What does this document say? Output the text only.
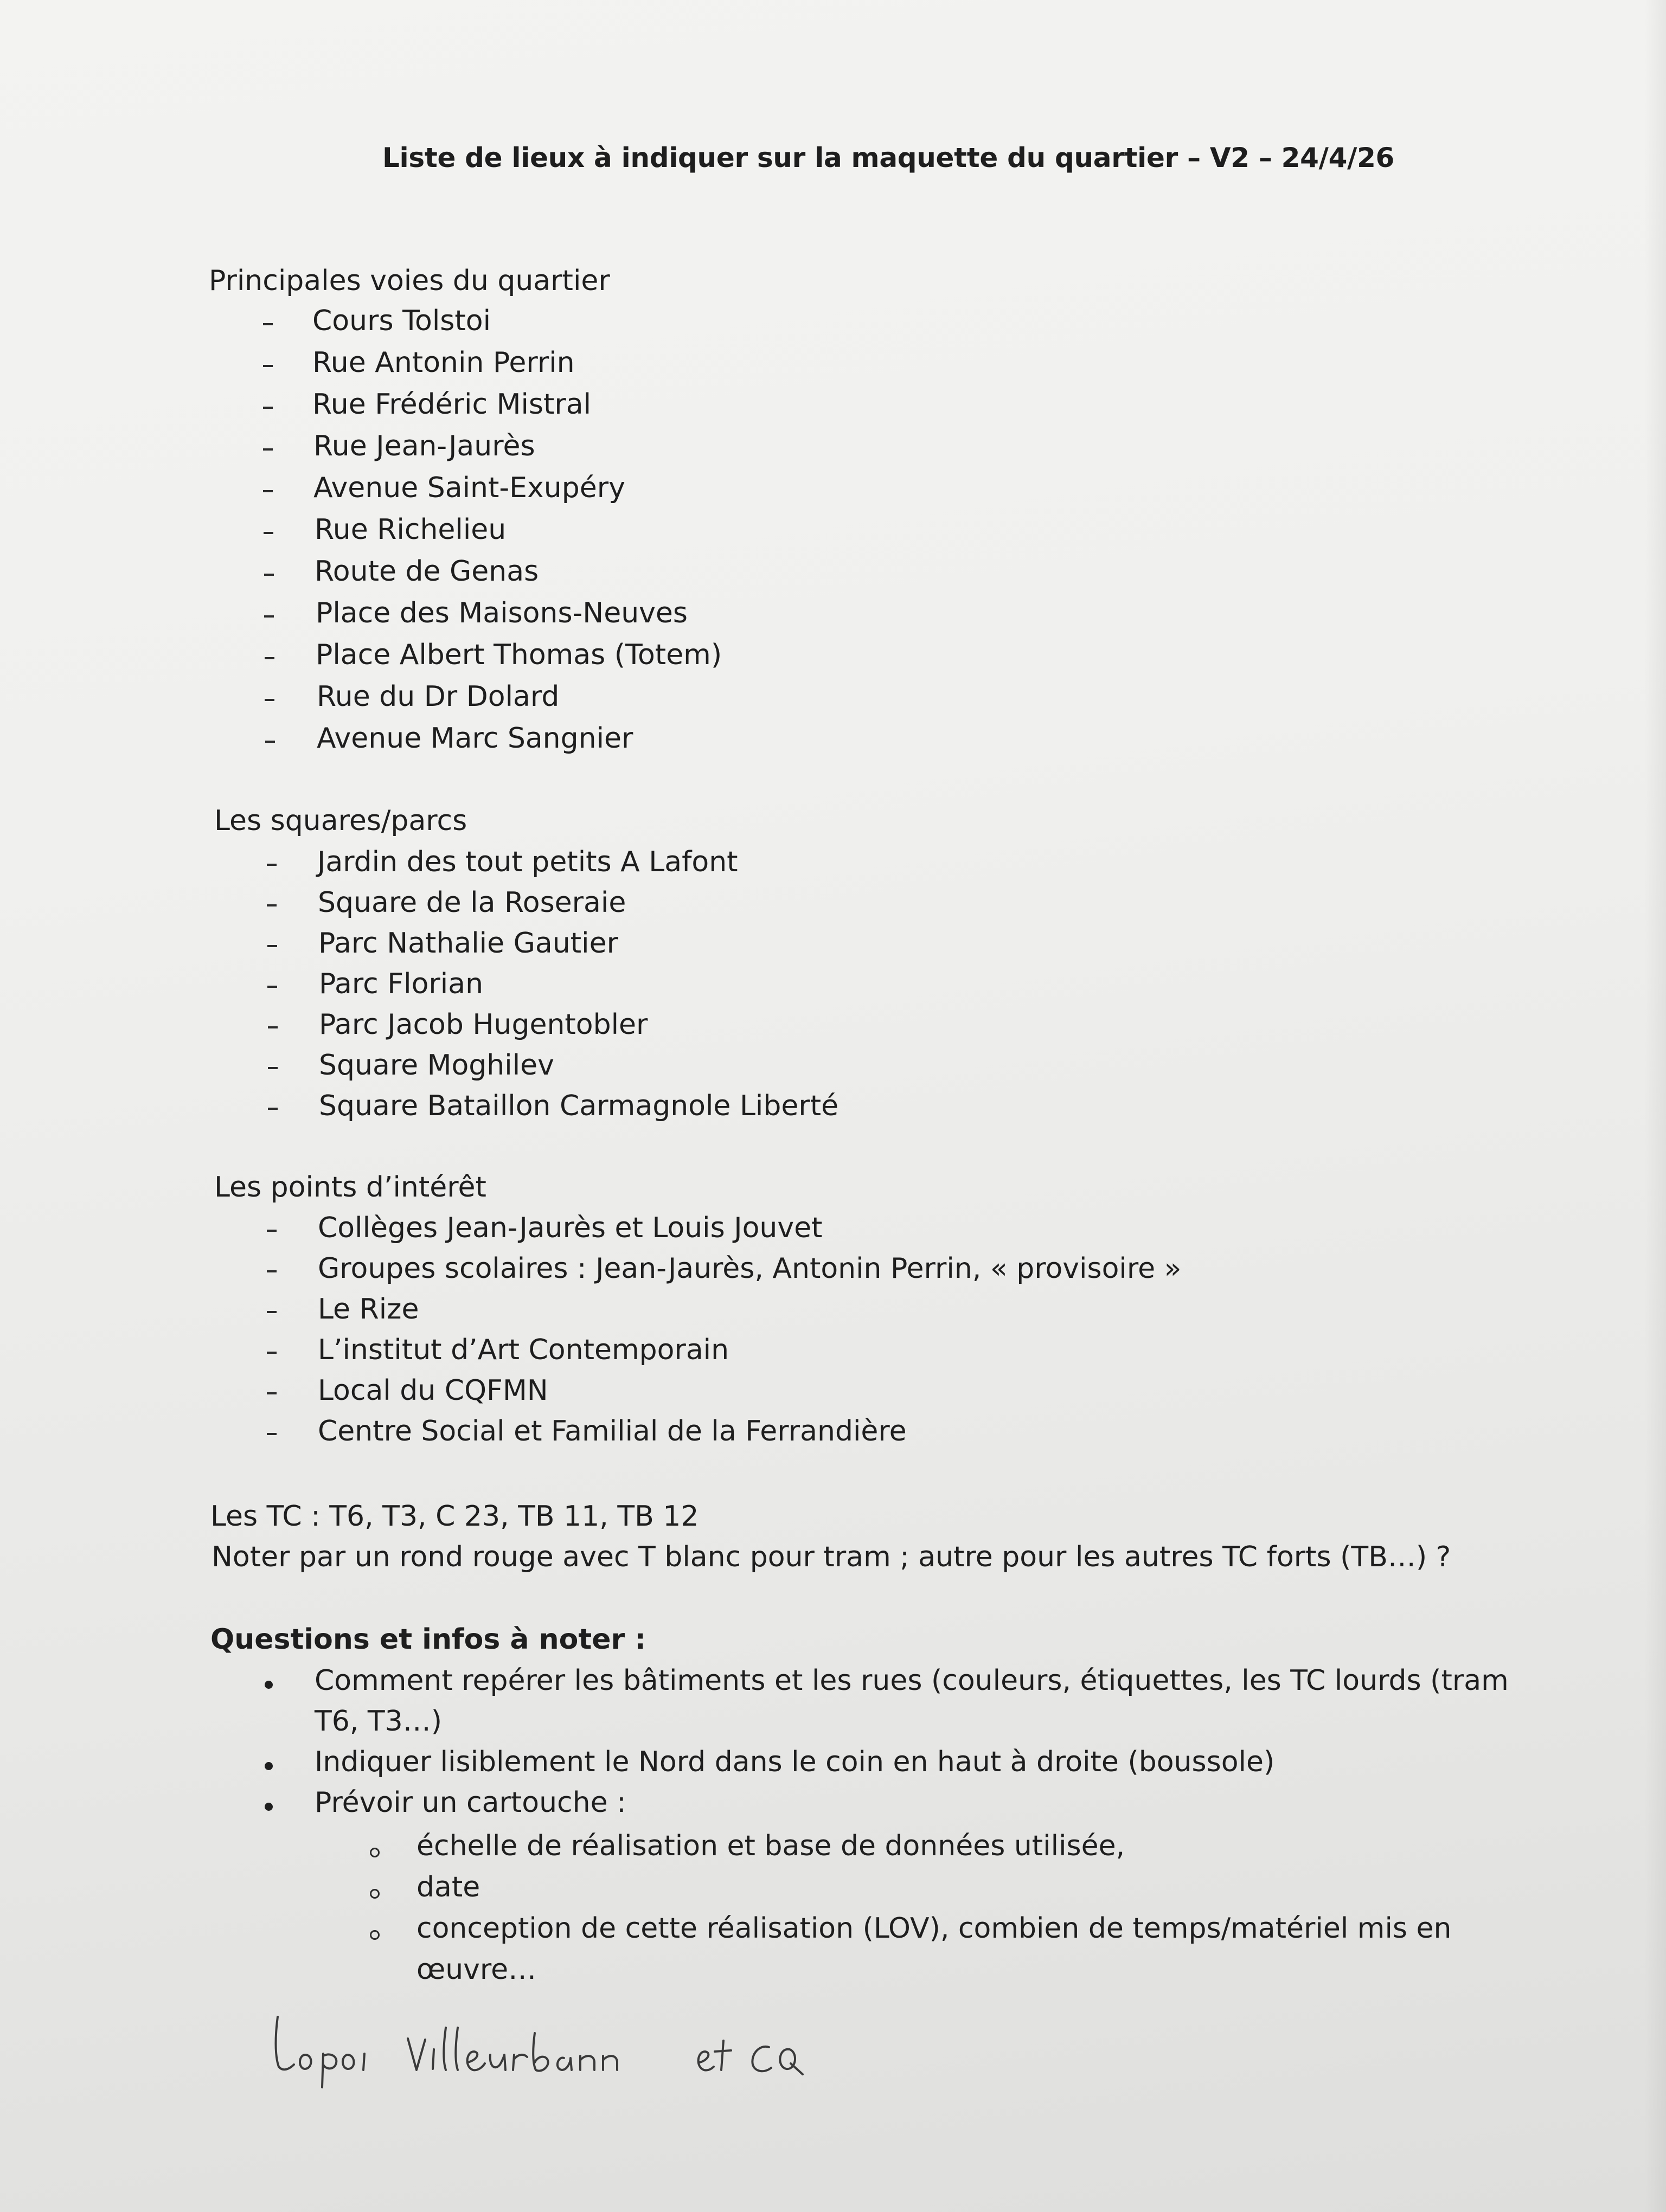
Liste de lieux à indiquer sur la maquette du quartier – V2 – 24/4/26
Principales voies du quartier
Cours Tolstoi
Rue Antonin Perrin
Rue Frédéric Mistral
Rue Jean-Jaurès
Avenue Saint-Exupéry
Rue Richelieu
Route de Genas
Place des Maisons-Neuves
Place Albert Thomas (Totem)
Rue du Dr Dolard
Avenue Marc Sangnier
Les squares/parcs
Jardin des tout petits A Lafont
Square de la Roseraie
Parc Nathalie Gautier
Parc Florian
Parc Jacob Hugentobler
Square Moghilev
Square Bataillon Carmagnole Liberté
Les points d’intérêt
Collèges Jean-Jaurès et Louis Jouvet
Groupes scolaires : Jean-Jaurès, Antonin Perrin, « provisoire »
Le Rize
L’institut d’Art Contemporain
Local du CQFMN
Centre Social et Familial de la Ferrandière
Les TC : T6, T3, C 23, TB 11, TB 12
Noter par un rond rouge avec T blanc pour tram ; autre pour les autres TC forts (TB…) ?
Questions et infos à noter :
Comment repérer les bâtiments et les rues (couleurs, étiquettes, les TC lourds (tram
T6, T3…)
Indiquer lisiblement le Nord dans le coin en haut à droite (boussole)
Prévoir un cartouche :
échelle de réalisation et base de données utilisée,
date
conception de cette réalisation (LOV), combien de temps/matériel mis en
œuvre…
